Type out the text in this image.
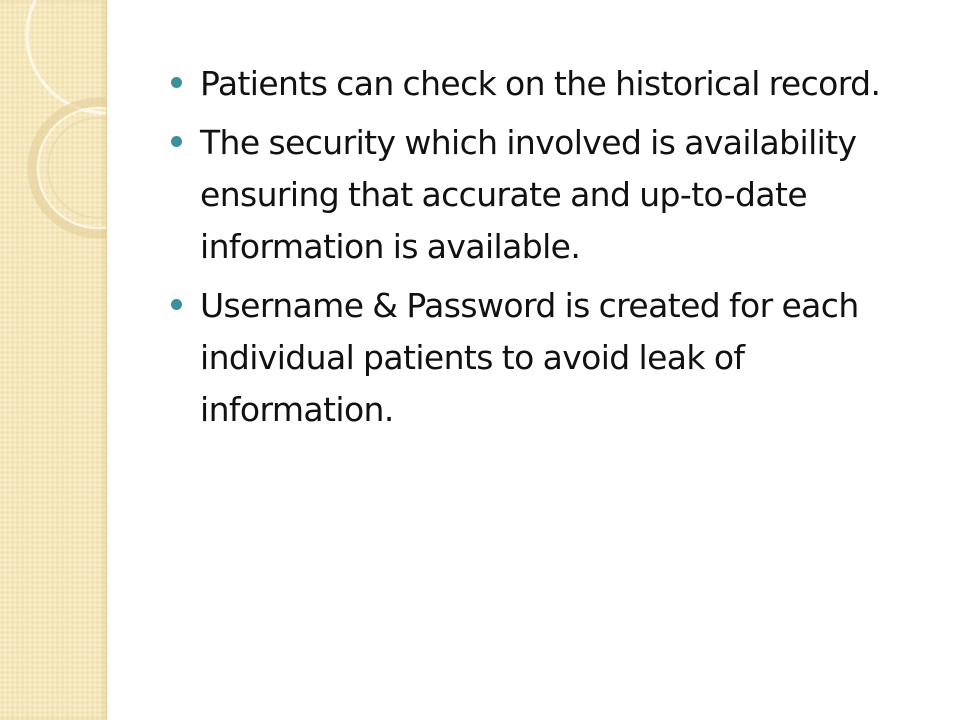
Patients can check on the historical record.
The security which involved is availability ensuring that accurate and up-to-date information is available.
Username & Password is created for each individual patients to avoid leak of information.
